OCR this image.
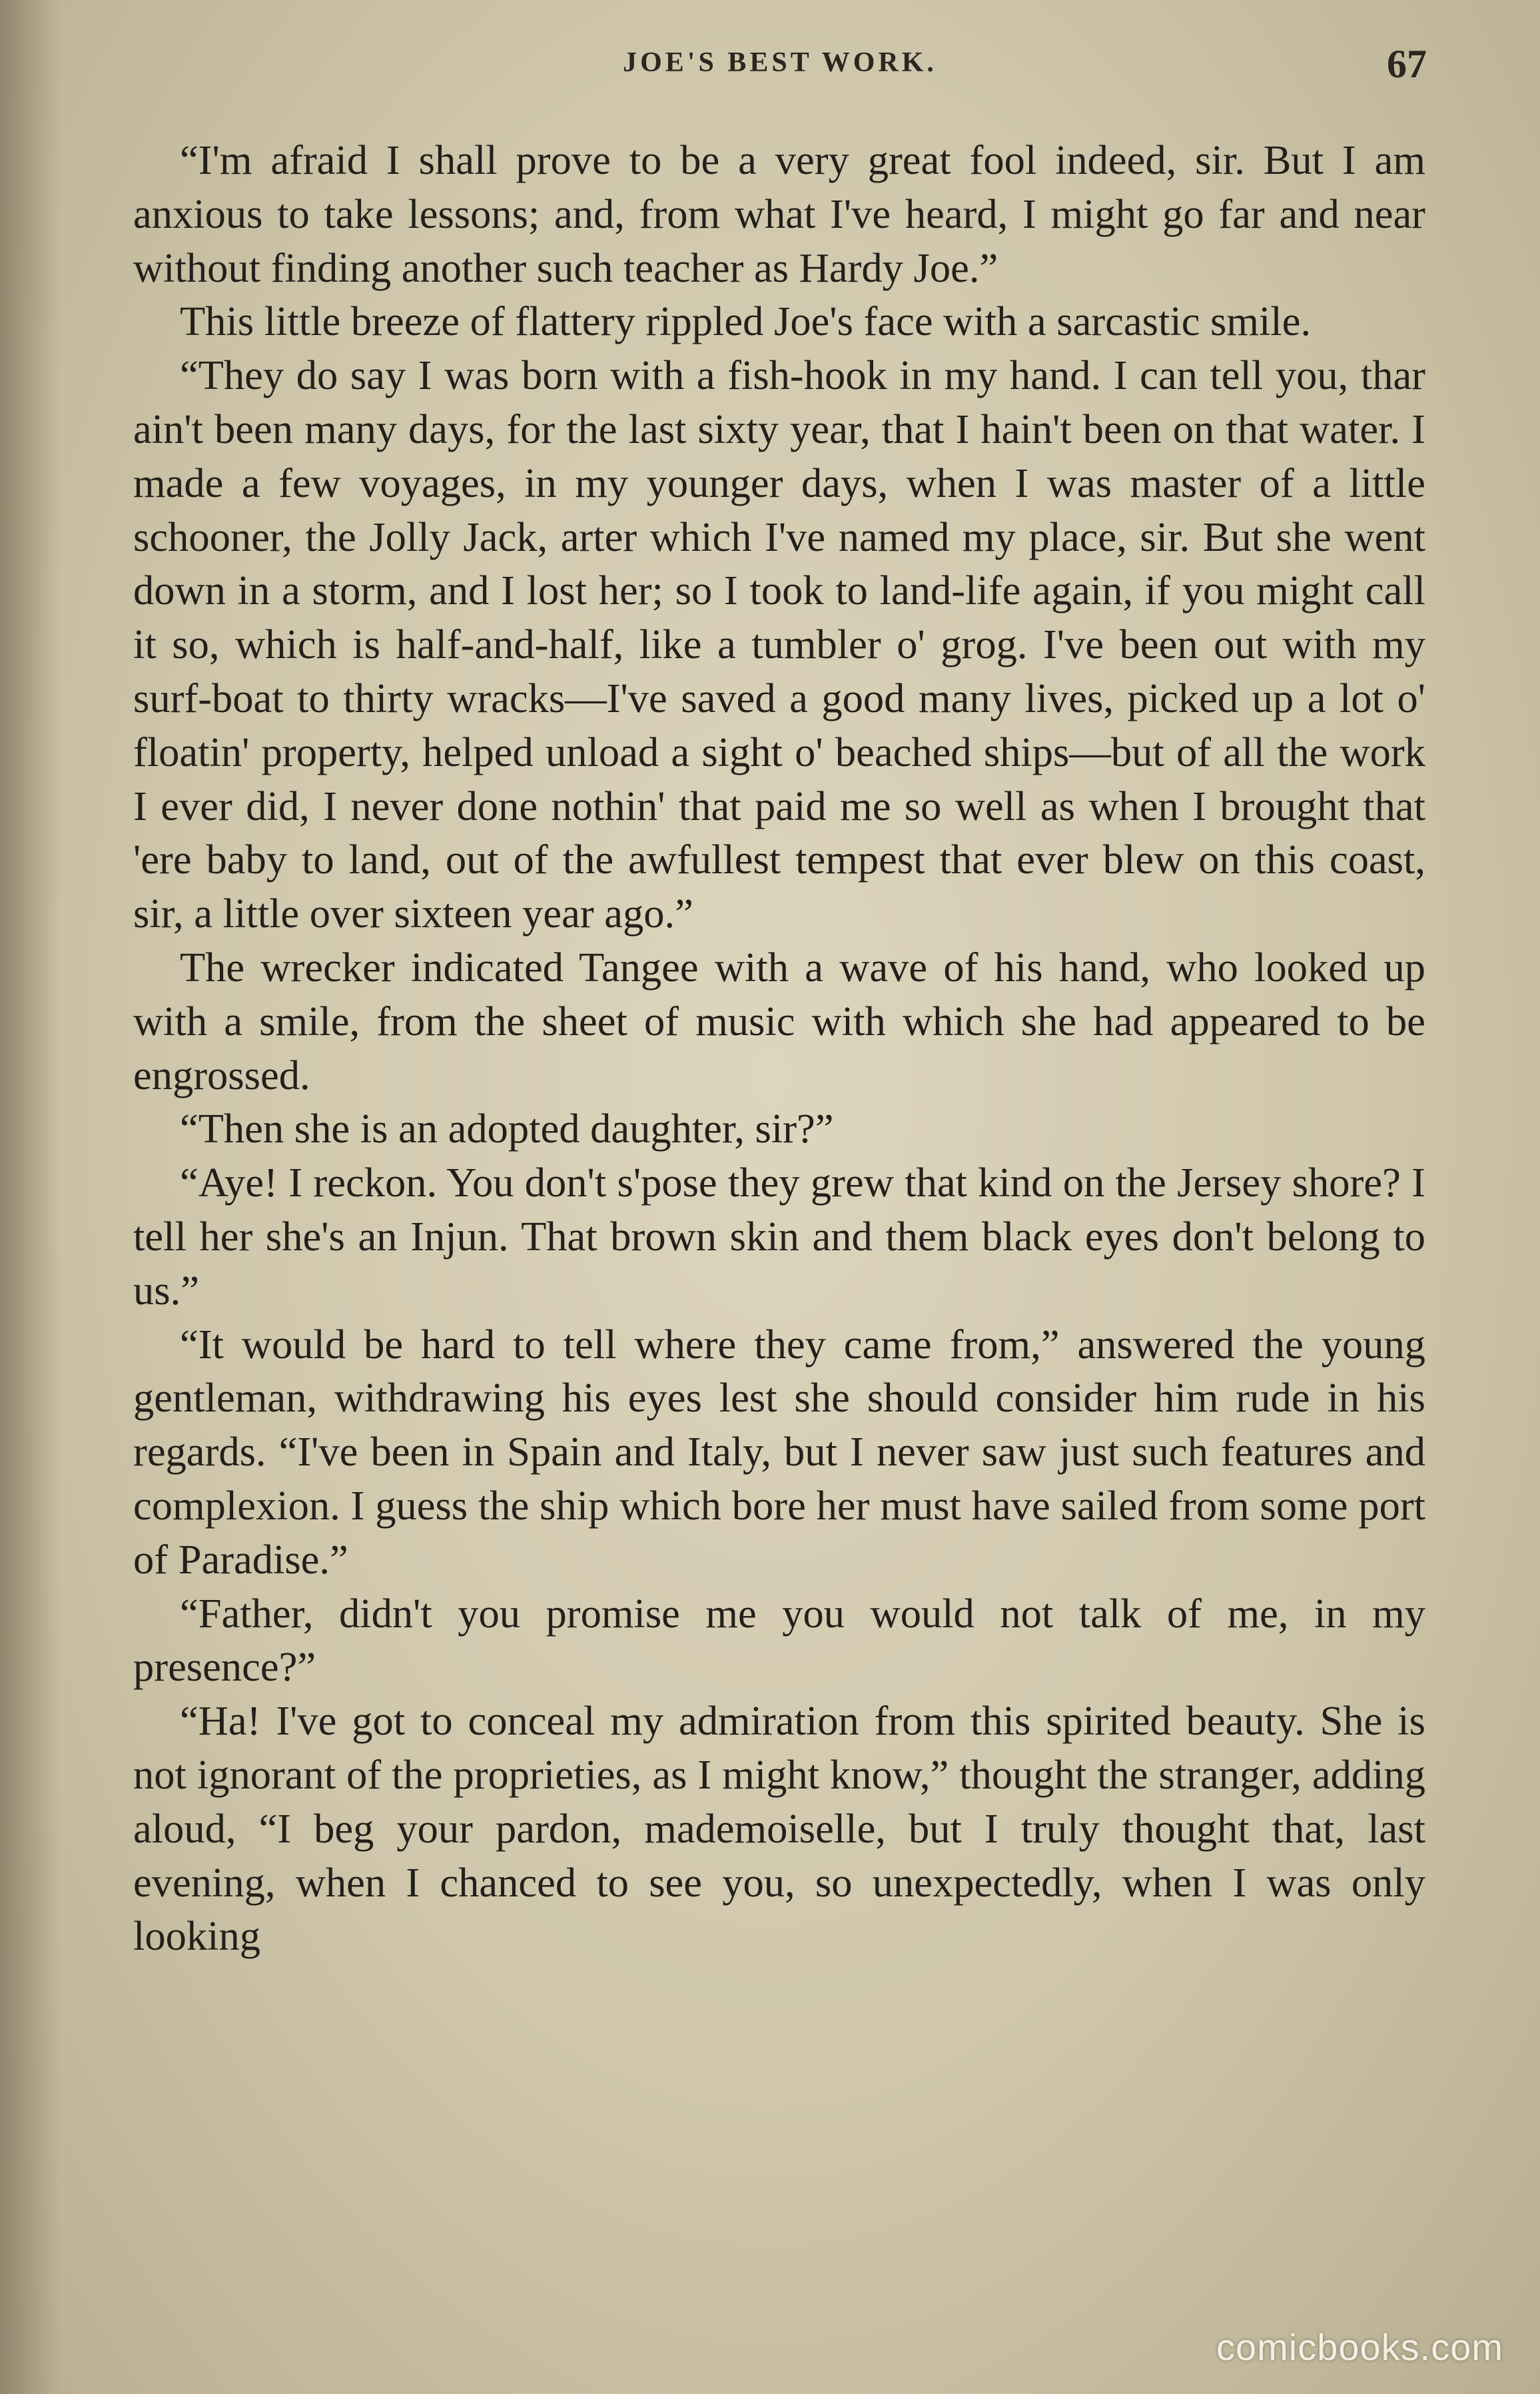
JOE'S BEST WORK.	67

“I'm afraid I shall prove to be a very great fool indeed, sir. But I am anxious to take lessons; and, from what I've heard, I might go far and near without finding another such teacher as Hardy Joe.”

This little breeze of flattery rippled Joe's face with a sarcastic smile.

“They do say I was born with a fish-hook in my hand. I can tell you, thar ain't been many days, for the last sixty year, that I hain't been on that water. I made a few voyages, in my younger days, when I was master of a little schooner, the Jolly Jack, arter which I've named my place, sir. But she went down in a storm, and I lost her; so I took to land-life again, if you might call it so, which is half-and-half, like a tumbler o' grog. I've been out with my surf-boat to thirty wracks—I've saved a good many lives, picked up a lot o' floatin' property, helped unload a sight o' beached ships—but of all the work I ever did, I never done nothin' that paid me so well as when I brought that 'ere baby to land, out of the awfullest tempest that ever blew on this coast, sir, a little over sixteen year ago.”

The wrecker indicated Tangee with a wave of his hand, who looked up with a smile, from the sheet of music with which she had appeared to be engrossed.

“Then she is an adopted daughter, sir?”

“Aye! I reckon. You don't s'pose they grew that kind on the Jersey shore? I tell her she's an Injun. That brown skin and them black eyes don't belong to us.”

“It would be hard to tell where they came from,” answered the young gentleman, withdrawing his eyes lest she should consider him rude in his regards. “I've been in Spain and Italy, but I never saw just such features and complexion. I guess the ship which bore her must have sailed from some port of Paradise.”

“Father, didn't you promise me you would not talk of me, in my presence?”

“Ha! I've got to conceal my admiration from this spirited beauty. She is not ignorant of the proprieties, as I might know,” thought the stranger, adding aloud, “I beg your pardon, mademoiselle, but I truly thought that, last evening, when I chanced to see you, so unexpectedly, when I was only looking

comicbooks.com
